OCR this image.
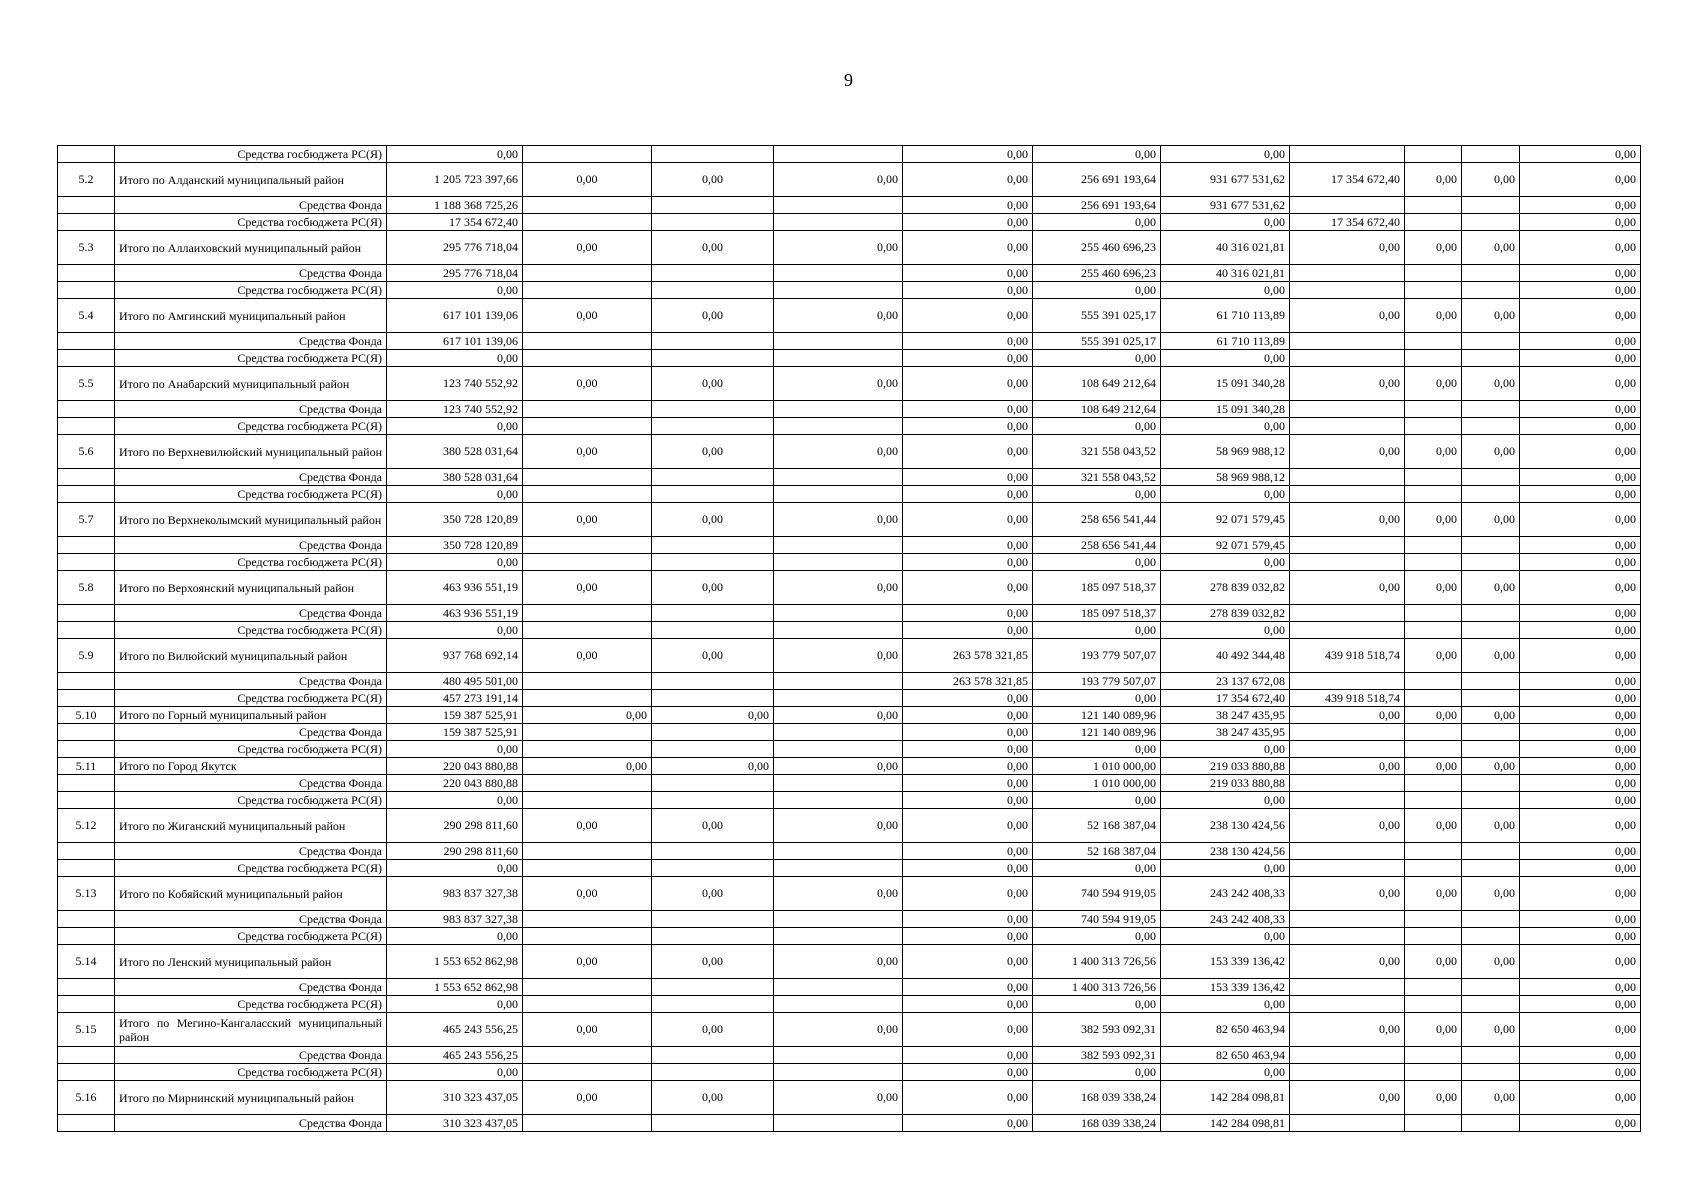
9
	Средства госбюджета РС(Я)	0,00				0,00	0,00	0,00				0,00
5.2	Итого по Алданский муниципальный район	1 205 723 397,66	0,00	0,00	0,00	0,00	256 691 193,64	931 677 531,62	17 354 672,40	0,00	0,00	0,00
	Средства Фонда	1 188 368 725,26				0,00	256 691 193,64	931 677 531,62				0,00
	Средства госбюджета РС(Я)	17 354 672,40				0,00	0,00	0,00	17 354 672,40			0,00
5.3	Итого по Аллаиховский муниципальный район	295 776 718,04	0,00	0,00	0,00	0,00	255 460 696,23	40 316 021,81	0,00	0,00	0,00	0,00
	Средства Фонда	295 776 718,04				0,00	255 460 696,23	40 316 021,81				0,00
	Средства госбюджета РС(Я)	0,00				0,00	0,00	0,00				0,00
5.4	Итого по Амгинский муниципальный район	617 101 139,06	0,00	0,00	0,00	0,00	555 391 025,17	61 710 113,89	0,00	0,00	0,00	0,00
	Средства Фонда	617 101 139,06				0,00	555 391 025,17	61 710 113,89				0,00
	Средства госбюджета РС(Я)	0,00				0,00	0,00	0,00				0,00
5.5	Итого по Анабарский муниципальный район	123 740 552,92	0,00	0,00	0,00	0,00	108 649 212,64	15 091 340,28	0,00	0,00	0,00	0,00
	Средства Фонда	123 740 552,92				0,00	108 649 212,64	15 091 340,28				0,00
	Средства госбюджета РС(Я)	0,00				0,00	0,00	0,00				0,00
5.6	Итого по Верхневилюйский муниципальный район	380 528 031,64	0,00	0,00	0,00	0,00	321 558 043,52	58 969 988,12	0,00	0,00	0,00	0,00
	Средства Фонда	380 528 031,64				0,00	321 558 043,52	58 969 988,12				0,00
	Средства госбюджета РС(Я)	0,00				0,00	0,00	0,00				0,00
5.7	Итого по Верхнеколымский муниципальный район	350 728 120,89	0,00	0,00	0,00	0,00	258 656 541,44	92 071 579,45	0,00	0,00	0,00	0,00
	Средства Фонда	350 728 120,89				0,00	258 656 541,44	92 071 579,45				0,00
	Средства госбюджета РС(Я)	0,00				0,00	0,00	0,00				0,00
5.8	Итого по Верхоянский муниципальный район	463 936 551,19	0,00	0,00	0,00	0,00	185 097 518,37	278 839 032,82	0,00	0,00	0,00	0,00
	Средства Фонда	463 936 551,19				0,00	185 097 518,37	278 839 032,82				0,00
	Средства госбюджета РС(Я)	0,00				0,00	0,00	0,00				0,00
5.9	Итого по Вилюйский муниципальный район	937 768 692,14	0,00	0,00	0,00	263 578 321,85	193 779 507,07	40 492 344,48	439 918 518,74	0,00	0,00	0,00
	Средства Фонда	480 495 501,00				263 578 321,85	193 779 507,07	23 137 672,08				0,00
	Средства госбюджета РС(Я)	457 273 191,14				0,00	0,00	17 354 672,40	439 918 518,74			0,00
5.10	Итого по Горный муниципальный район	159 387 525,91	0,00	0,00	0,00	0,00	121 140 089,96	38 247 435,95	0,00	0,00	0,00	0,00
	Средства Фонда	159 387 525,91				0,00	121 140 089,96	38 247 435,95				0,00
	Средства госбюджета РС(Я)	0,00				0,00	0,00	0,00				0,00
5.11	Итого по Город Якутск	220 043 880,88	0,00	0,00	0,00	0,00	1 010 000,00	219 033 880,88	0,00	0,00	0,00	0,00
	Средства Фонда	220 043 880,88				0,00	1 010 000,00	219 033 880,88				0,00
	Средства госбюджета РС(Я)	0,00				0,00	0,00	0,00				0,00
5.12	Итого по Жиганский муниципальный район	290 298 811,60	0,00	0,00	0,00	0,00	52 168 387,04	238 130 424,56	0,00	0,00	0,00	0,00
	Средства Фонда	290 298 811,60				0,00	52 168 387,04	238 130 424,56				0,00
	Средства госбюджета РС(Я)	0,00				0,00	0,00	0,00				0,00
5.13	Итого по Кобяйский муниципальный район	983 837 327,38	0,00	0,00	0,00	0,00	740 594 919,05	243 242 408,33	0,00	0,00	0,00	0,00
	Средства Фонда	983 837 327,38				0,00	740 594 919,05	243 242 408,33				0,00
	Средства госбюджета РС(Я)	0,00				0,00	0,00	0,00				0,00
5.14	Итого по Ленский муниципальный район	1 553 652 862,98	0,00	0,00	0,00	0,00	1 400 313 726,56	153 339 136,42	0,00	0,00	0,00	0,00
	Средства Фонда	1 553 652 862,98				0,00	1 400 313 726,56	153 339 136,42				0,00
	Средства госбюджета РС(Я)	0,00				0,00	0,00	0,00				0,00
5.15	Итого по Мегино-Кангаласский муниципальный район	465 243 556,25	0,00	0,00	0,00	0,00	382 593 092,31	82 650 463,94	0,00	0,00	0,00	0,00
	Средства Фонда	465 243 556,25				0,00	382 593 092,31	82 650 463,94				0,00
	Средства госбюджета РС(Я)	0,00				0,00	0,00	0,00				0,00
5.16	Итого по Мирнинский муниципальный район	310 323 437,05	0,00	0,00	0,00	0,00	168 039 338,24	142 284 098,81	0,00	0,00	0,00	0,00
	Средства Фонда	310 323 437,05				0,00	168 039 338,24	142 284 098,81				0,00
